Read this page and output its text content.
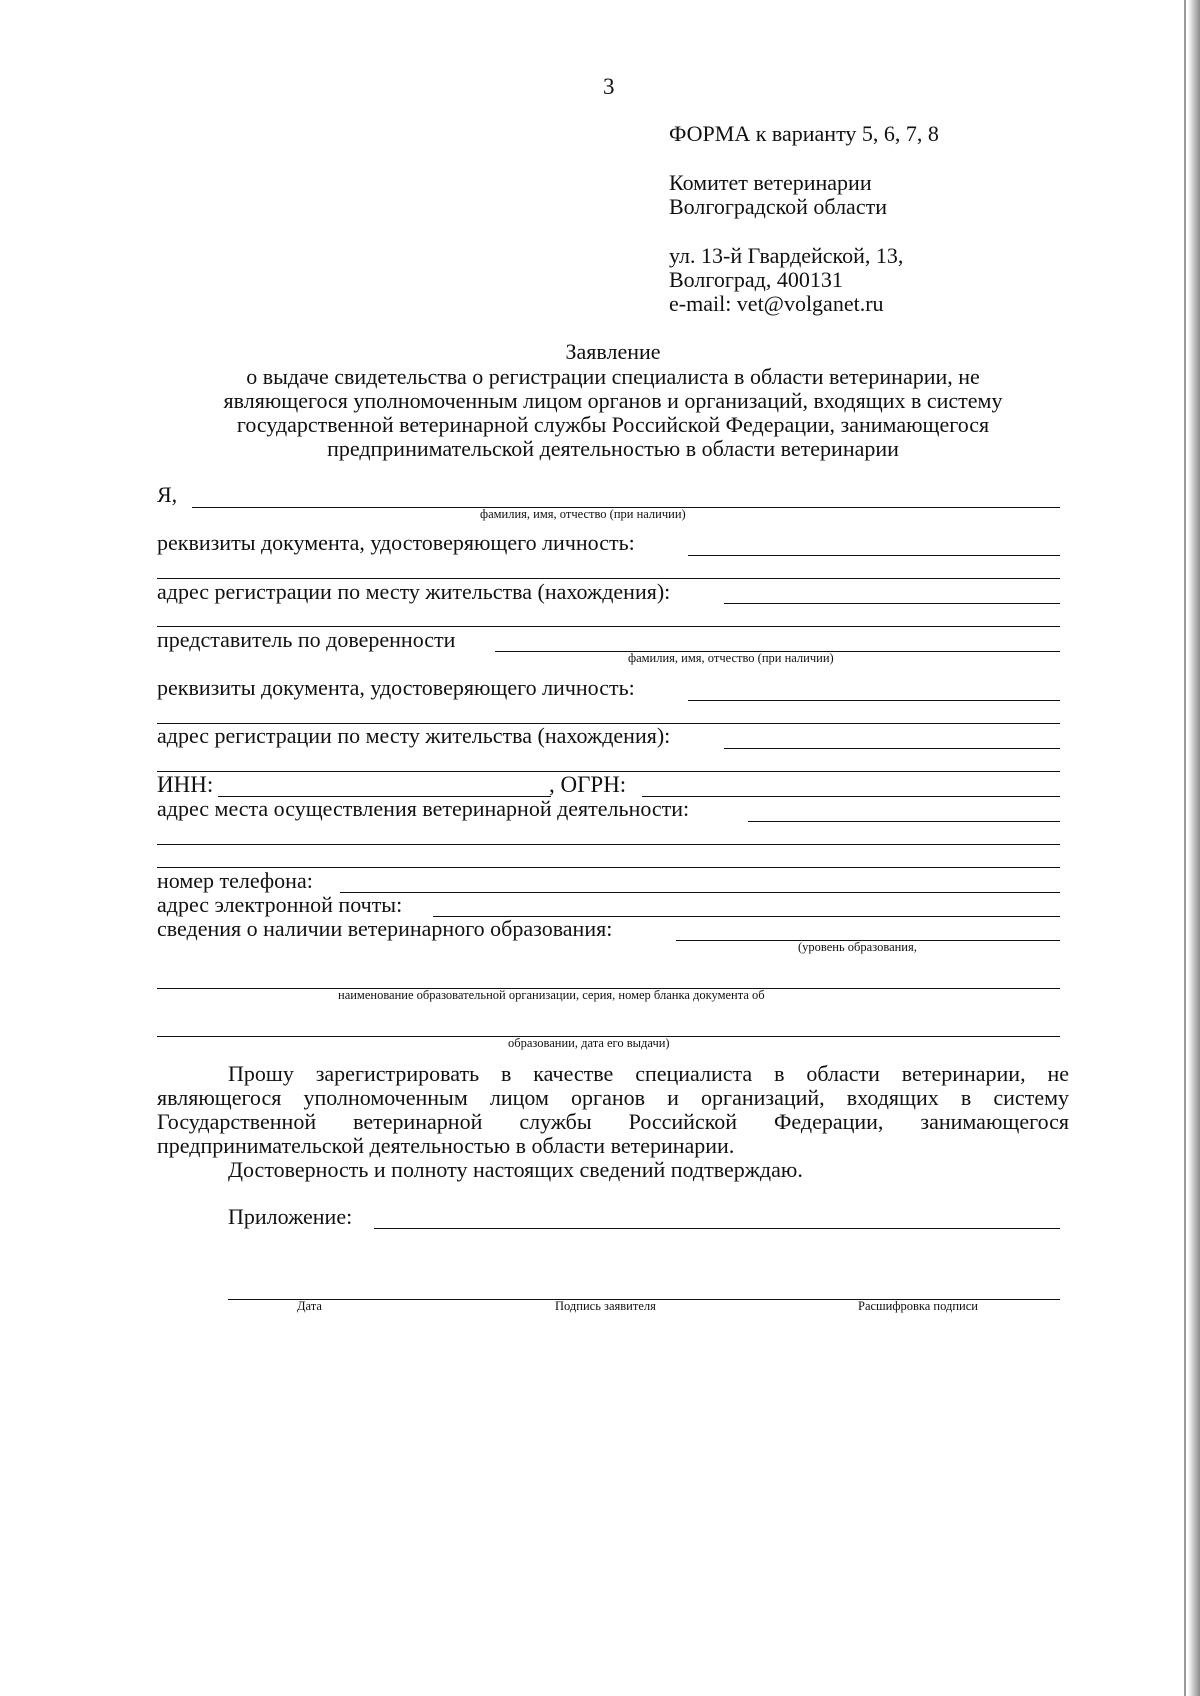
3
ФОРМА к варианту 5, 6, 7, 8
Комитет ветеринарии
Волгоградской области
ул. 13-й Гвардейской, 13,
Волгоград, 400131
e-mail: vet@volganet.ru
Заявление
о выдаче свидетельства о регистрации специалиста в области ветеринарии, не
являющегося уполномоченным лицом органов и организаций, входящих в систему
государственной ветеринарной службы Российской Федерации, занимающегося
предпринимательской деятельностью в области ветеринарии
Я,
фамилия, имя, отчество (при наличии)
реквизиты документа, удостоверяющего личность:
адрес регистрации по месту жительства (нахождения):
представитель по доверенности
фамилия, имя, отчество (при наличии)
реквизиты документа, удостоверяющего личность:
адрес регистрации по месту жительства (нахождения):
ИНН:	, ОГРН:
адрес места осуществления ветеринарной деятельности:
номер телефона:
адрес электронной почты:
сведения о наличии ветеринарного образования:
(уровень образования,
наименование образовательной организации, серия, номер бланка документа об
образовании, дата его выдачи)
Прошу зарегистрировать в качестве специалиста в области ветеринарии, не
являющегося уполномоченным лицом органов и организаций, входящих в систему
Государственной ветеринарной службы Российской Федерации, занимающегося
предпринимательской деятельностью в области ветеринарии.
Достоверность и полноту настоящих сведений подтверждаю.
Приложение:
Дата	Подпись заявителя	Расшифровка подписи
